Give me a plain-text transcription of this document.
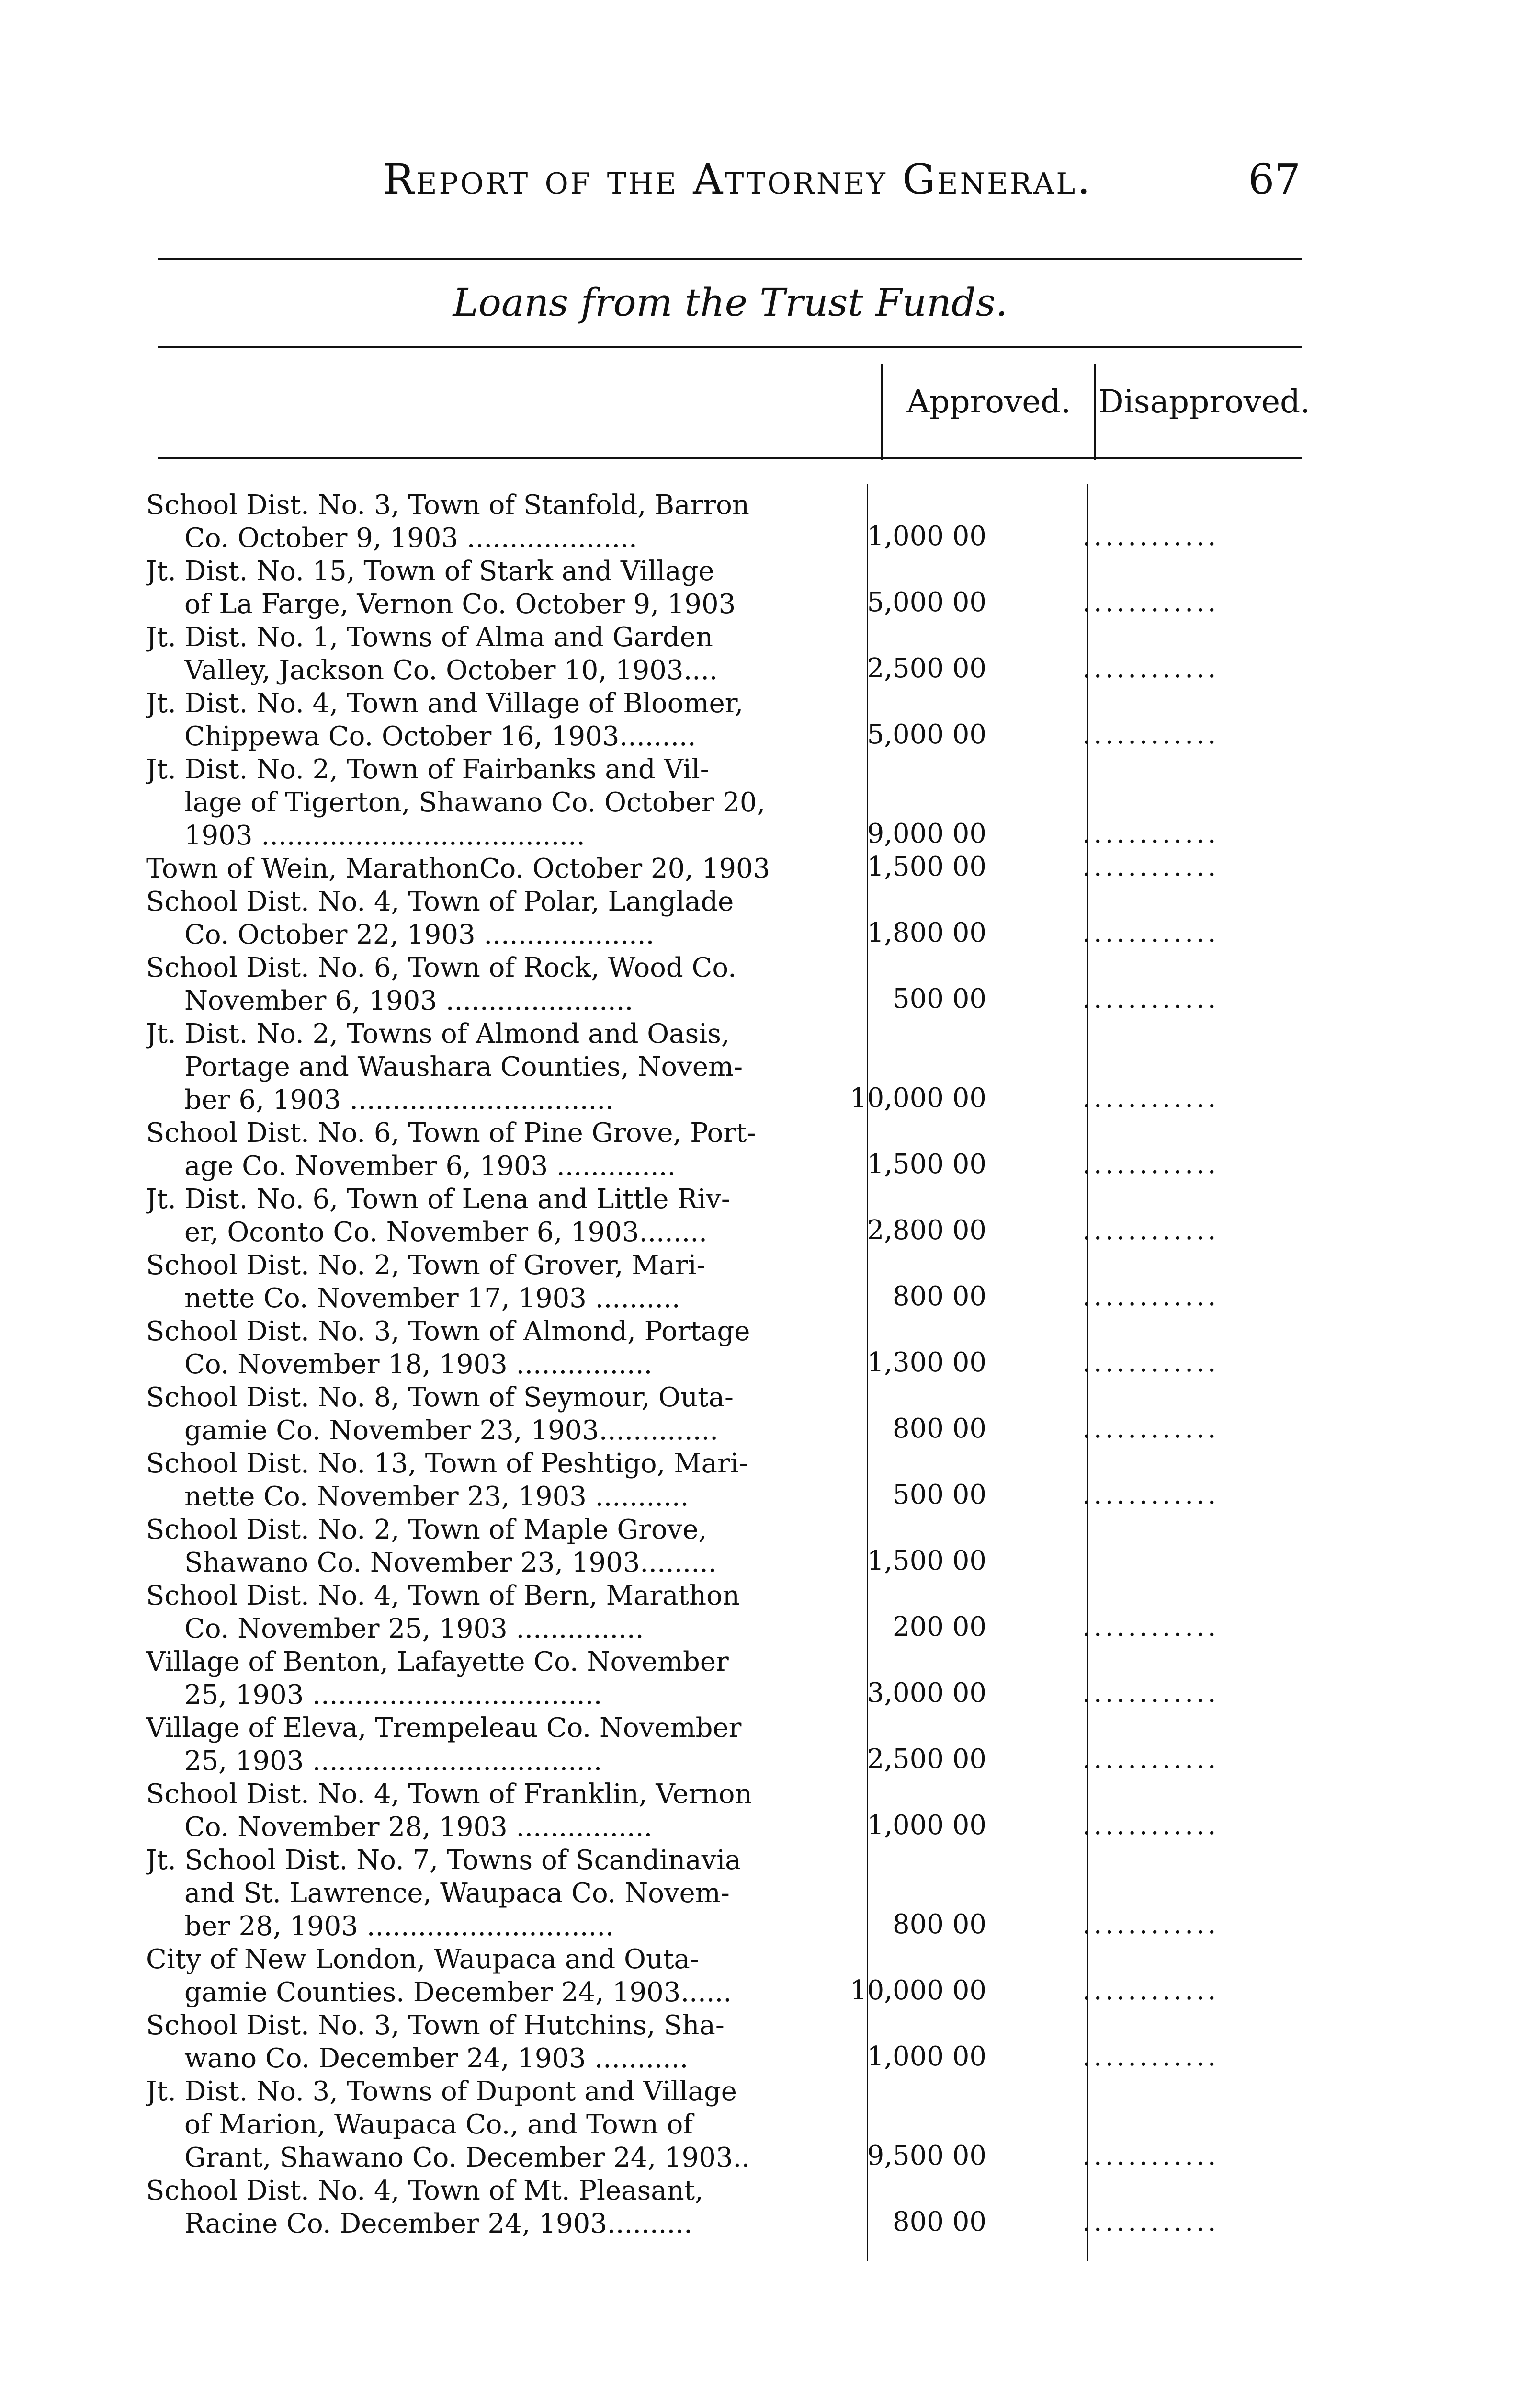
Report of the Attorney General.	67
Loans from the Trust Funds.
Approved. Disapproved.
School Dist. No. 3, Town of Stanfold, Barron
Co. October 9, 1903 ....................	1,000 00	............
Jt. Dist. No. 15, Town of Stark and Village
of La Farge, Vernon Co. October 9, 1903	5,000 00	............
Jt. Dist. No. 1, Towns of Alma and Garden
Valley, Jackson Co. October 10, 1903....	2,500 00	............
Jt. Dist. No. 4, Town and Village of Bloomer,
Chippewa Co. October 16, 1903.........	5,000 00	............
Jt. Dist. No. 2, Town of Fairbanks and Vil-
lage of Tigerton, Shawano Co. October 20,
1903 ......................................	9,000 00	............
Town of Wein, MarathonCo. October 20, 1903	1,500 00	............
School Dist. No. 4, Town of Polar, Langlade
Co. October 22, 1903 ....................	1,800 00	............
School Dist. No. 6, Town of Rock, Wood Co.
November 6, 1903 ......................	500 00	............
Jt. Dist. No. 2, Towns of Almond and Oasis,
Portage and Waushara Counties, Novem-
ber 6, 1903 ...............................	10,000 00	............
School Dist. No. 6, Town of Pine Grove, Port-
age Co. November 6, 1903 ..............	1,500 00	............
Jt. Dist. No. 6, Town of Lena and Little Riv-
er, Oconto Co. November 6, 1903........	2,800 00	............
School Dist. No. 2, Town of Grover, Mari-
nette Co. November 17, 1903 ..........	800 00	............
School Dist. No. 3, Town of Almond, Portage
Co. November 18, 1903 ................	1,300 00	............
School Dist. No. 8, Town of Seymour, Outa-
gamie Co. November 23, 1903..............	800 00	............
School Dist. No. 13, Town of Peshtigo, Mari-
nette Co. November 23, 1903 ...........	500 00	............
School Dist. No. 2, Town of Maple Grove,
Shawano Co. November 23, 1903.........	1,500 00
School Dist. No. 4, Town of Bern, Marathon
Co. November 25, 1903 ...............	200 00	............
Village of Benton, Lafayette Co. November
25, 1903 ..................................	3,000 00	............
Village of Eleva, Trempeleau Co. November
25, 1903 ..................................	2,500 00	............
School Dist. No. 4, Town of Franklin, Vernon
Co. November 28, 1903 ................	1,000 00	............
Jt. School Dist. No. 7, Towns of Scandinavia
and St. Lawrence, Waupaca Co. Novem-
ber 28, 1903 .............................	800 00	............
City of New London, Waupaca and Outa-
gamie Counties. December 24, 1903......	10,000 00	............
School Dist. No. 3, Town of Hutchins, Sha-
wano Co. December 24, 1903 ...........	1,000 00	............
Jt. Dist. No. 3, Towns of Dupont and Village
of Marion, Waupaca Co., and Town of
Grant, Shawano Co. December 24, 1903..	9,500 00	............
School Dist. No. 4, Town of Mt. Pleasant,
Racine Co. December 24, 1903..........	800 00	............
